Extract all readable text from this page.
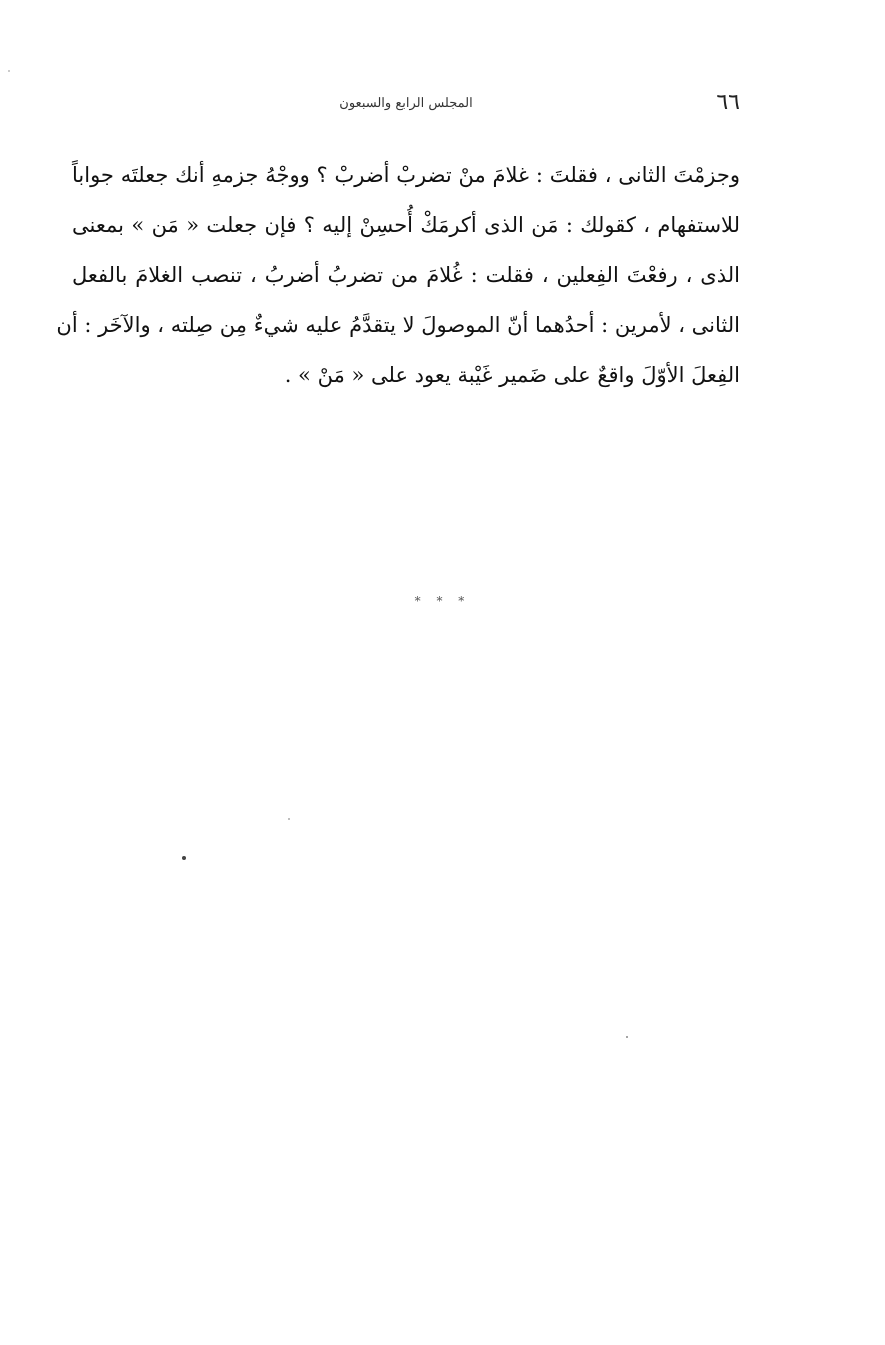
٦٦
المجلس الرابع والسبعون
وجزمْتَ الثانى ، فقلتَ : غلامَ منْ تضربْ أضربْ ؟ ووجْهُ جزمهِ أنك جعلتَه جواباً
للاستفهام ، كقولك : مَن الذى أكرمَكْ أُحسِنْ إليه ؟ فإن جعلت « مَن » بمعنى
الذى ، رفعْتَ الفِعلين ، فقلت : غُلامَ من تضربُ أضربُ ، تنصب الغلامَ بالفعل
الثانى ، لأمرين : أحدُهما أنّ الموصولَ لا يتقدَّمُ عليه شيءٌ مِن صِلته ، والآخَر : أن
الفِعلَ الأوّلَ واقعٌ على ضَمير غَيْبة يعود على « مَنْ » .
* * *
